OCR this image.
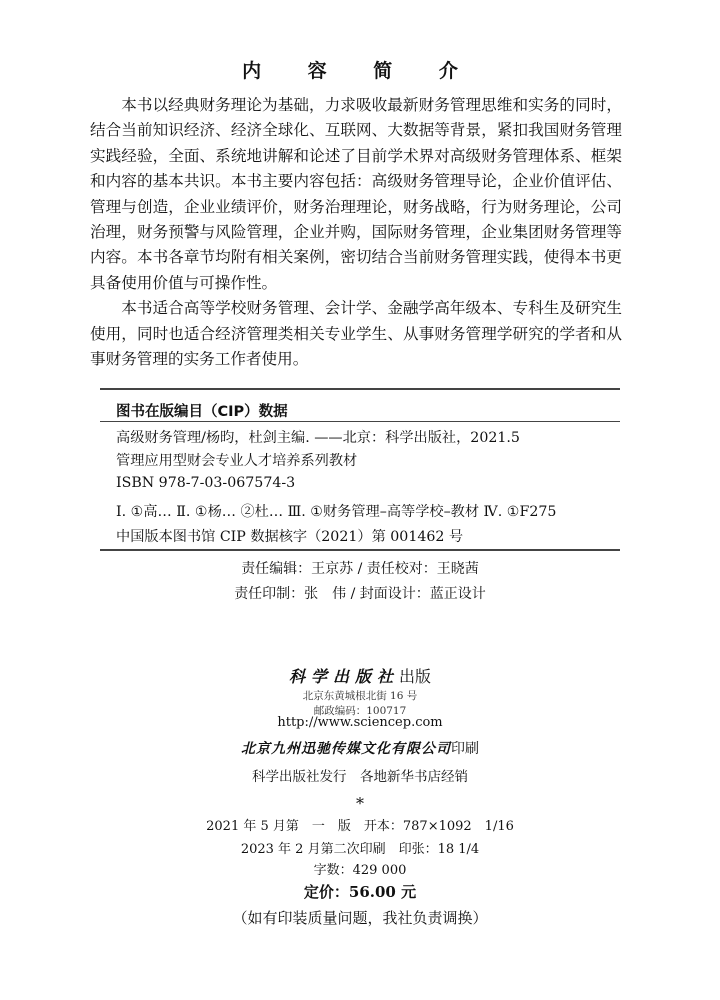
内 容 简 介

本书以经典财务理论为基础，力求吸收最新财务管理思维和实务的同时，结合当前知识经济、经济全球化、互联网、大数据等背景，紧扣我国财务管理实践经验，全面、系统地讲解和论述了目前学术界对高级财务管理体系、框架和内容的基本共识。本书主要内容包括：高级财务管理导论，企业价值评估、管理与创造，企业业绩评价，财务治理理论，财务战略，行为财务理论，公司治理，财务预警与风险管理，企业并购，国际财务管理，企业集团财务管理等内容。本书各章节均附有相关案例，密切结合当前财务管理实践，使得本书更具备使用价值与可操作性。

本书适合高等学校财务管理、会计学、金融学高年级本、专科生及研究生使用，同时也适合经济管理类相关专业学生、从事财务管理学研究的学者和从事财务管理的实务工作者使用。

图书在版编目（CIP）数据
高级财务管理/杨昀，杜剑主编. ——北京：科学出版社，2021.5
管理应用型财会专业人才培养系列教材
ISBN 978-7-03-067574-3
Ⅰ. ①高… Ⅱ. ①杨… ②杜… Ⅲ. ①财务管理–高等学校–教材 Ⅳ. ①F275
中国版本图书馆 CIP 数据核字（2021）第 001462 号
责任编辑：王京苏 / 责任校对：王晓茜
责任印制：张　伟 / 封面设计：蓝正设计
科学出版社出版
北京东黄城根北街 16 号
邮政编码：100717
http://www.sciencep.com
北京九州迅驰传媒文化有限公司印刷
科学出版社发行　各地新华书店经销
*
2021 年 5 月第　一　版　开本：787×1092　1/16
2023 年 2 月第二次印刷　印张：18 1/4
字数：429 000
定价：56.00 元
（如有印装质量问题，我社负责调换）
